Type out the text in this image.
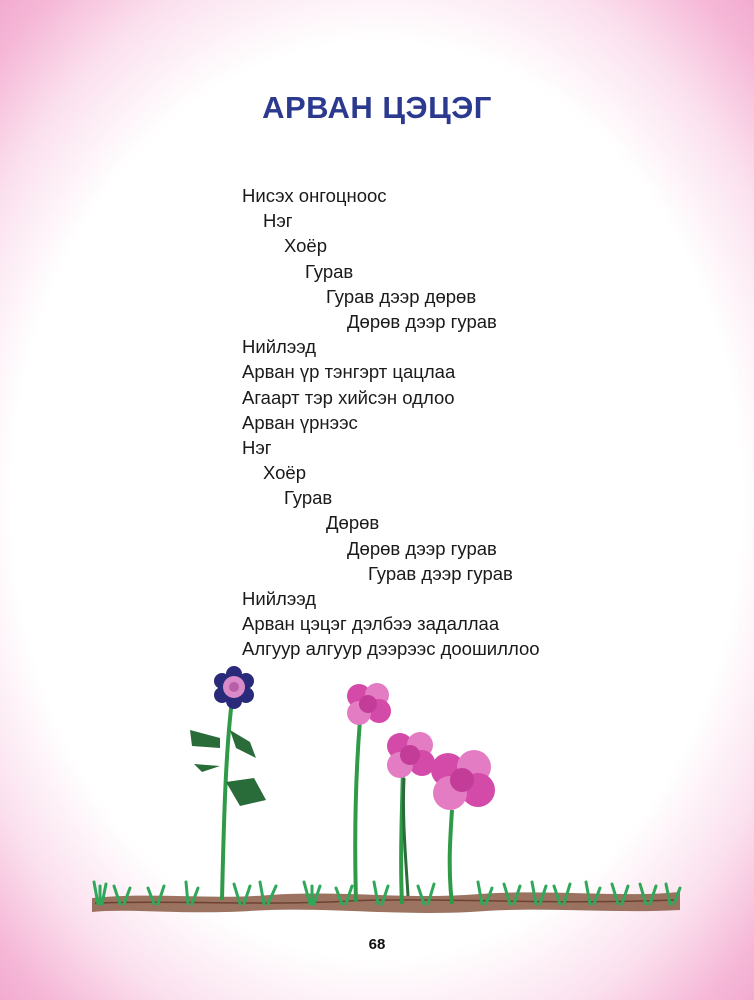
АРВАН ЦЭЦЭГ
Нисэх онгоцноос
Нэг
Хоёр
Гурав
Гурав дээр дөрөв
Дөрөв дээр гурав
Нийлээд
Арван үр тэнгэрт цацлаа
Агаарт тэр хийсэн одлоо
Арван үрнээс
Нэг
Хоёр
Гурав
Дөрөв
Дөрөв дээр гурав
Гурав дээр гурав
Нийлээд
Арван цэцэг дэлбээ задаллаа
Алгуур алгуур дээрээс доошиллоо
68
